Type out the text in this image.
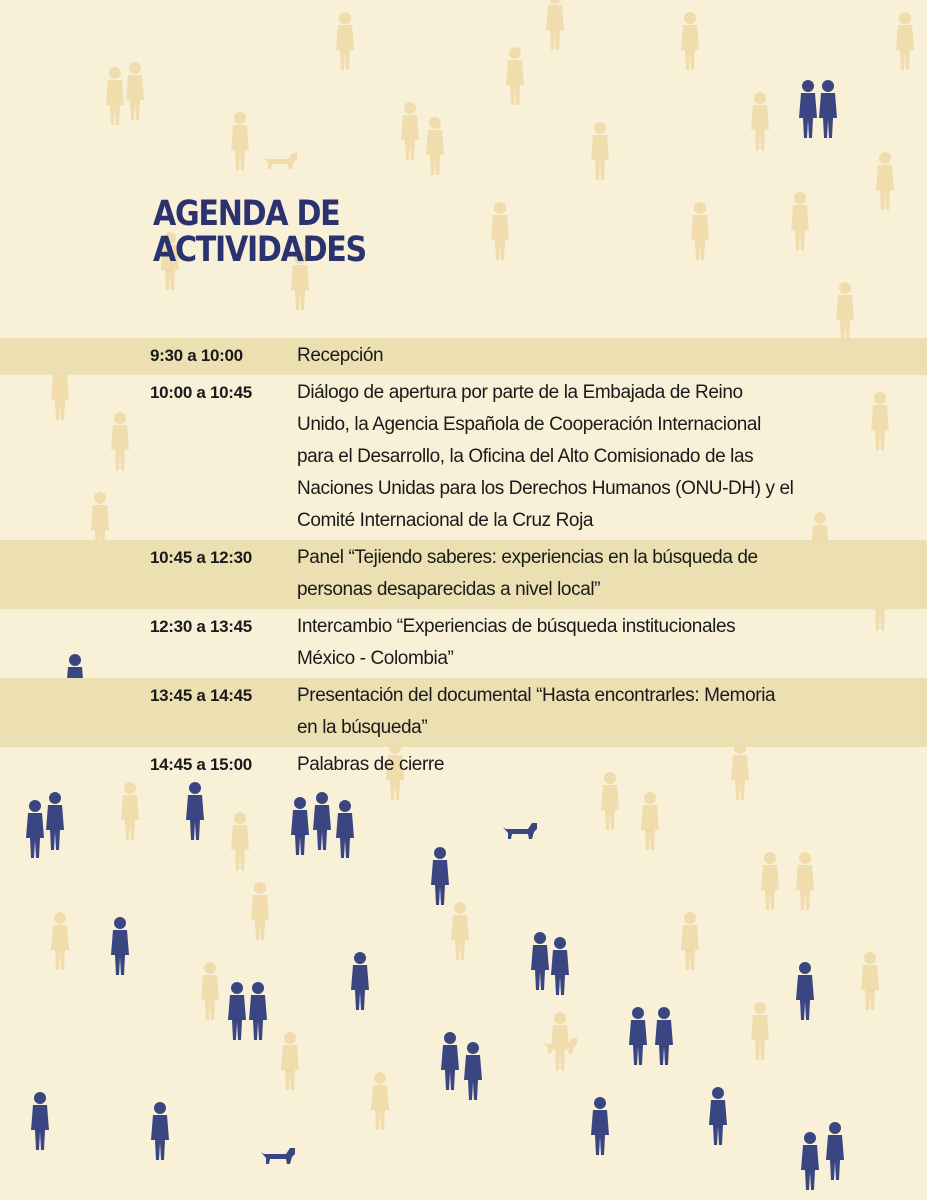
AGENDA DE
ACTIVIDADES
9:30 a 10:00	Recepción
10:00 a 10:45	Diálogo de apertura por parte de la Embajada de Reino
Unido, la Agencia Española de Cooperación Internacional
para el Desarrollo, la Oficina del Alto Comisionado de las
Naciones Unidas para los Derechos Humanos (ONU-DH) y el
Comité Internacional de la Cruz Roja
10:45 a 12:30	Panel “Tejiendo saberes: experiencias en la búsqueda de
personas desaparecidas a nivel local”
12:30 a 13:45	Intercambio “Experiencias de búsqueda institucionales
México - Colombia”
13:45 a 14:45	Presentación del documental “Hasta encontrarles: Memoria
en la búsqueda”
14:45 a 15:00	Palabras de cierre
